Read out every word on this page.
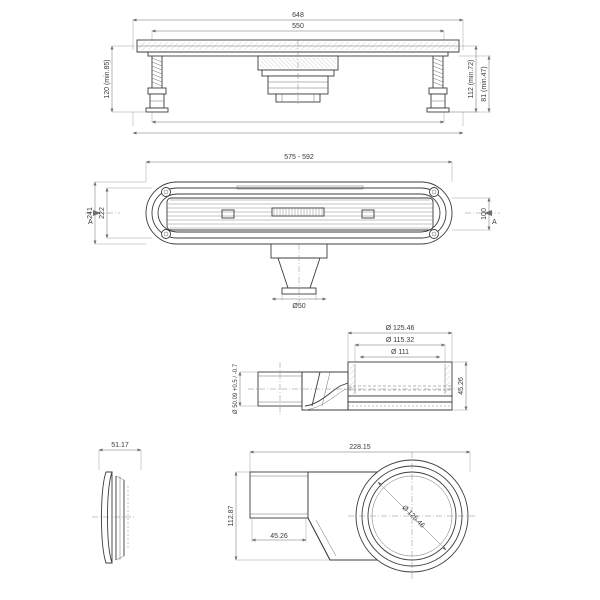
648
550
120 (min.85)	112 (min.72) 81 (min.47)
575 - 592
241 222	100
Ø50
A	A
Ø 125.46
Ø 115.32
Ø 111
Ø 50.09 +0.5 / -0.7	45.26
51.17	228.15
112.87
45.26
Ø 125.46
